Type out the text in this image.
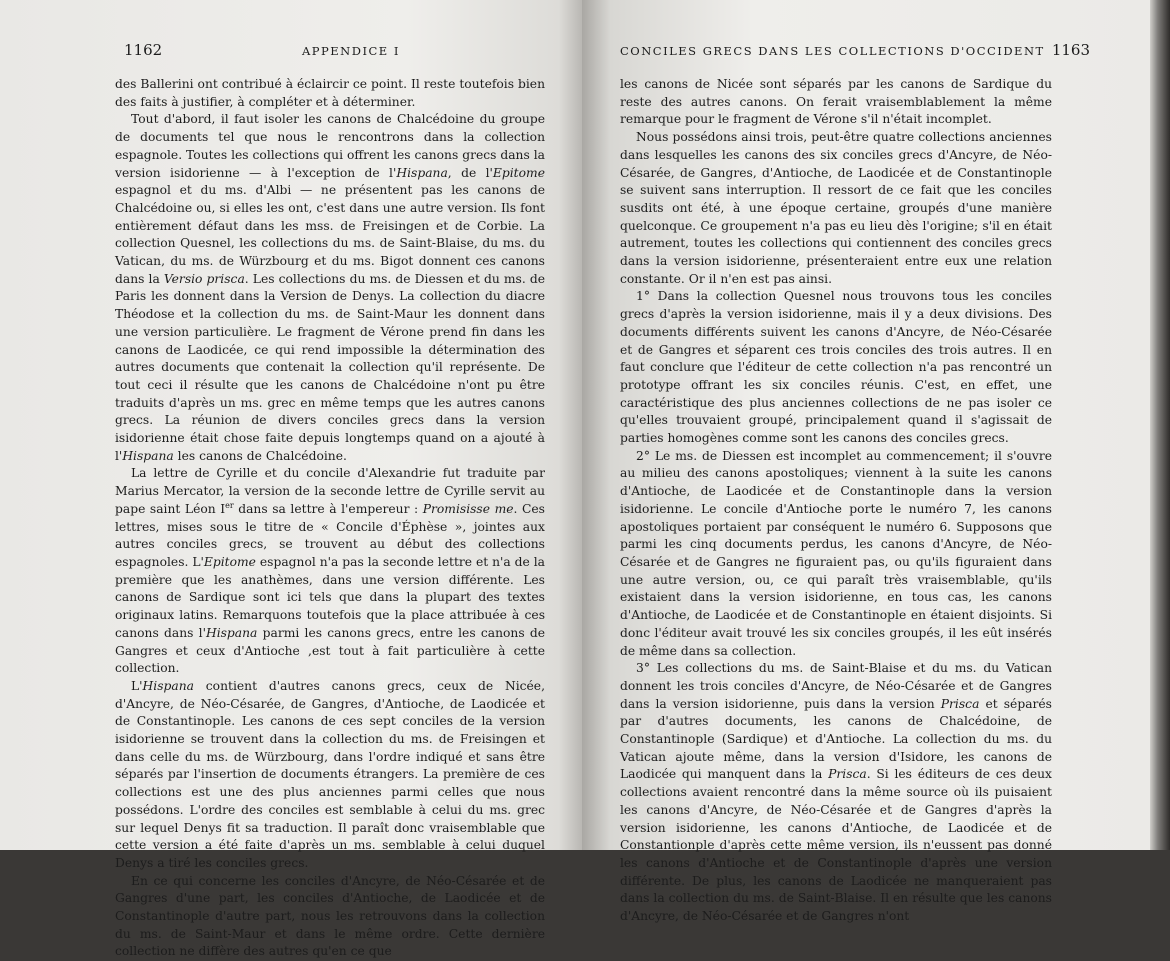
1162	APPENDICE I

des Ballerini ont contribué à éclaircir ce point. Il reste toutefois bien des faits à justifier, à compléter et à déterminer.

Tout d'abord, il faut isoler les canons de Chalcédoine du groupe de documents tel que nous le rencontrons dans la collection espagnole. Toutes les collections qui offrent les canons grecs dans la version isidorienne — à l'exception de l'Hispana, de l'Epitome espagnol et du ms. d'Albi — ne présentent pas les canons de Chalcédoine ou, si elles les ont, c'est dans une autre version. Ils font entièrement défaut dans les mss. de Freisingen et de Corbie. La collection Quesnel, les collections du ms. de Saint-Blaise, du ms. du Vatican, du ms. de Würzbourg et du ms. Bigot donnent ces canons dans la Versio prisca. Les collections du ms. de Diessen et du ms. de Paris les donnent dans la Version de Denys. La collection du diacre Théodose et la collection du ms. de Saint-Maur les donnent dans une version particulière. Le fragment de Vérone prend fin dans les canons de Laodicée, ce qui rend impossible la détermination des autres documents que contenait la collection qu'il représente. De tout ceci il résulte que les canons de Chalcédoine n'ont pu être traduits d'après un ms. grec en même temps que les autres canons grecs. La réunion de divers conciles grecs dans la version isidorienne était chose faite depuis longtemps quand on a ajouté à l'Hispana les canons de Chalcédoine.

La lettre de Cyrille et du concile d'Alexandrie fut traduite par Marius Mercator, la version de la seconde lettre de Cyrille servit au pape saint Léon Ier dans sa lettre à l'empereur : Promisisse me. Ces lettres, mises sous le titre de « Concile d'Éphèse », jointes aux autres conciles grecs, se trouvent au début des collections espagnoles. L'Epitome espagnol n'a pas la seconde lettre et n'a de la première que les anathèmes, dans une version différente. Les canons de Sardique sont ici tels que dans la plupart des textes originaux latins. Remarquons toutefois que la place attribuée à ces canons dans l'Hispana parmi les canons grecs, entre les canons de Gangres et ceux d'Antioche ,est tout à fait particulière à cette collection.

L'Hispana contient d'autres canons grecs, ceux de Nicée, d'Ancyre, de Néo-Césarée, de Gangres, d'Antioche, de Laodicée et de Constantinople. Les canons de ces sept conciles de la version isidorienne se trouvent dans la collection du ms. de Freisingen et dans celle du ms. de Würzbourg, dans l'ordre indiqué et sans être séparés par l'insertion de documents étrangers. La première de ces collections est une des plus anciennes parmi celles que nous possédons. L'ordre des conciles est semblable à celui du ms. grec sur lequel Denys fit sa traduction. Il paraît donc vraisemblable que cette version a été faite d'après un ms. semblable à celui duquel Denys a tiré les conciles grecs.

En ce qui concerne les conciles d'Ancyre, de Néo-Césarée et de Gangres d'une part, les conciles d'Antioche, de Laodicée et de Constantinople d'autre part, nous les retrouvons dans la collection du ms. de Saint-Maur et dans le même ordre. Cette dernière collection ne diffère des autres qu'en ce que

CONCILES GRECS DANS LES COLLECTIONS D'OCCIDENT 1163

les canons de Nicée sont séparés par les canons de Sardique du reste des autres canons. On ferait vraisemblablement la même remarque pour le fragment de Vérone s'il n'était incomplet.

Nous possédons ainsi trois, peut-être quatre collections anciennes dans lesquelles les canons des six conciles grecs d'Ancyre, de Néo-Césarée, de Gangres, d'Antioche, de Laodicée et de Constantinople se suivent sans interruption. Il ressort de ce fait que les conciles susdits ont été, à une époque certaine, groupés d'une manière quelconque. Ce groupement n'a pas eu lieu dès l'origine; s'il en était autrement, toutes les collections qui contiennent des conciles grecs dans la version isidorienne, présenteraient entre eux une relation constante. Or il n'en est pas ainsi.

1° Dans la collection Quesnel nous trouvons tous les conciles grecs d'après la version isidorienne, mais il y a deux divisions. Des documents différents suivent les canons d'Ancyre, de Néo-Césarée et de Gangres et séparent ces trois conciles des trois autres. Il en faut conclure que l'éditeur de cette collection n'a pas rencontré un prototype offrant les six conciles réunis. C'est, en effet, une caractéristique des plus anciennes collections de ne pas isoler ce qu'elles trouvaient groupé, principalement quand il s'agissait de parties homogènes comme sont les canons des conciles grecs.

2° Le ms. de Diessen est incomplet au commencement; il s'ouvre au milieu des canons apostoliques; viennent à la suite les canons d'Antioche, de Laodicée et de Constantinople dans la version isidorienne. Le concile d'Antioche porte le numéro 7, les canons apostoliques portaient par conséquent le numéro 6. Supposons que parmi les cinq documents perdus, les canons d'Ancyre, de Néo-Césarée et de Gangres ne figuraient pas, ou qu'ils figuraient dans une autre version, ou, ce qui paraît très vraisemblable, qu'ils existaient dans la version isidorienne, en tous cas, les canons d'Antioche, de Laodicée et de Constantinople en étaient disjoints. Si donc l'éditeur avait trouvé les six conciles groupés, il les eût insérés de même dans sa collection.

3° Les collections du ms. de Saint-Blaise et du ms. du Vatican donnent les trois conciles d'Ancyre, de Néo-Césarée et de Gangres dans la version isidorienne, puis dans la version Prisca et séparés par d'autres documents, les canons de Chalcédoine, de Constantinople (Sardique) et d'Antioche. La collection du ms. du Vatican ajoute même, dans la version d'Isidore, les canons de Laodicée qui manquent dans la Prisca. Si les éditeurs de ces deux collections avaient rencontré dans la même source où ils puisaient les canons d'Ancyre, de Néo-Césarée et de Gangres d'après la version isidorienne, les canons d'Antioche, de Laodicée et de Constantionple d'après cette même version, ils n'eussent pas donné les canons d'Antioche et de Constantinople d'après une version différente. De plus, les canons de Laodicée ne manqueraient pas dans la collection du ms. de Saint-Blaise. Il en résulte que les canons d'Ancyre, de Néo-Césarée et de Gangres n'ont
